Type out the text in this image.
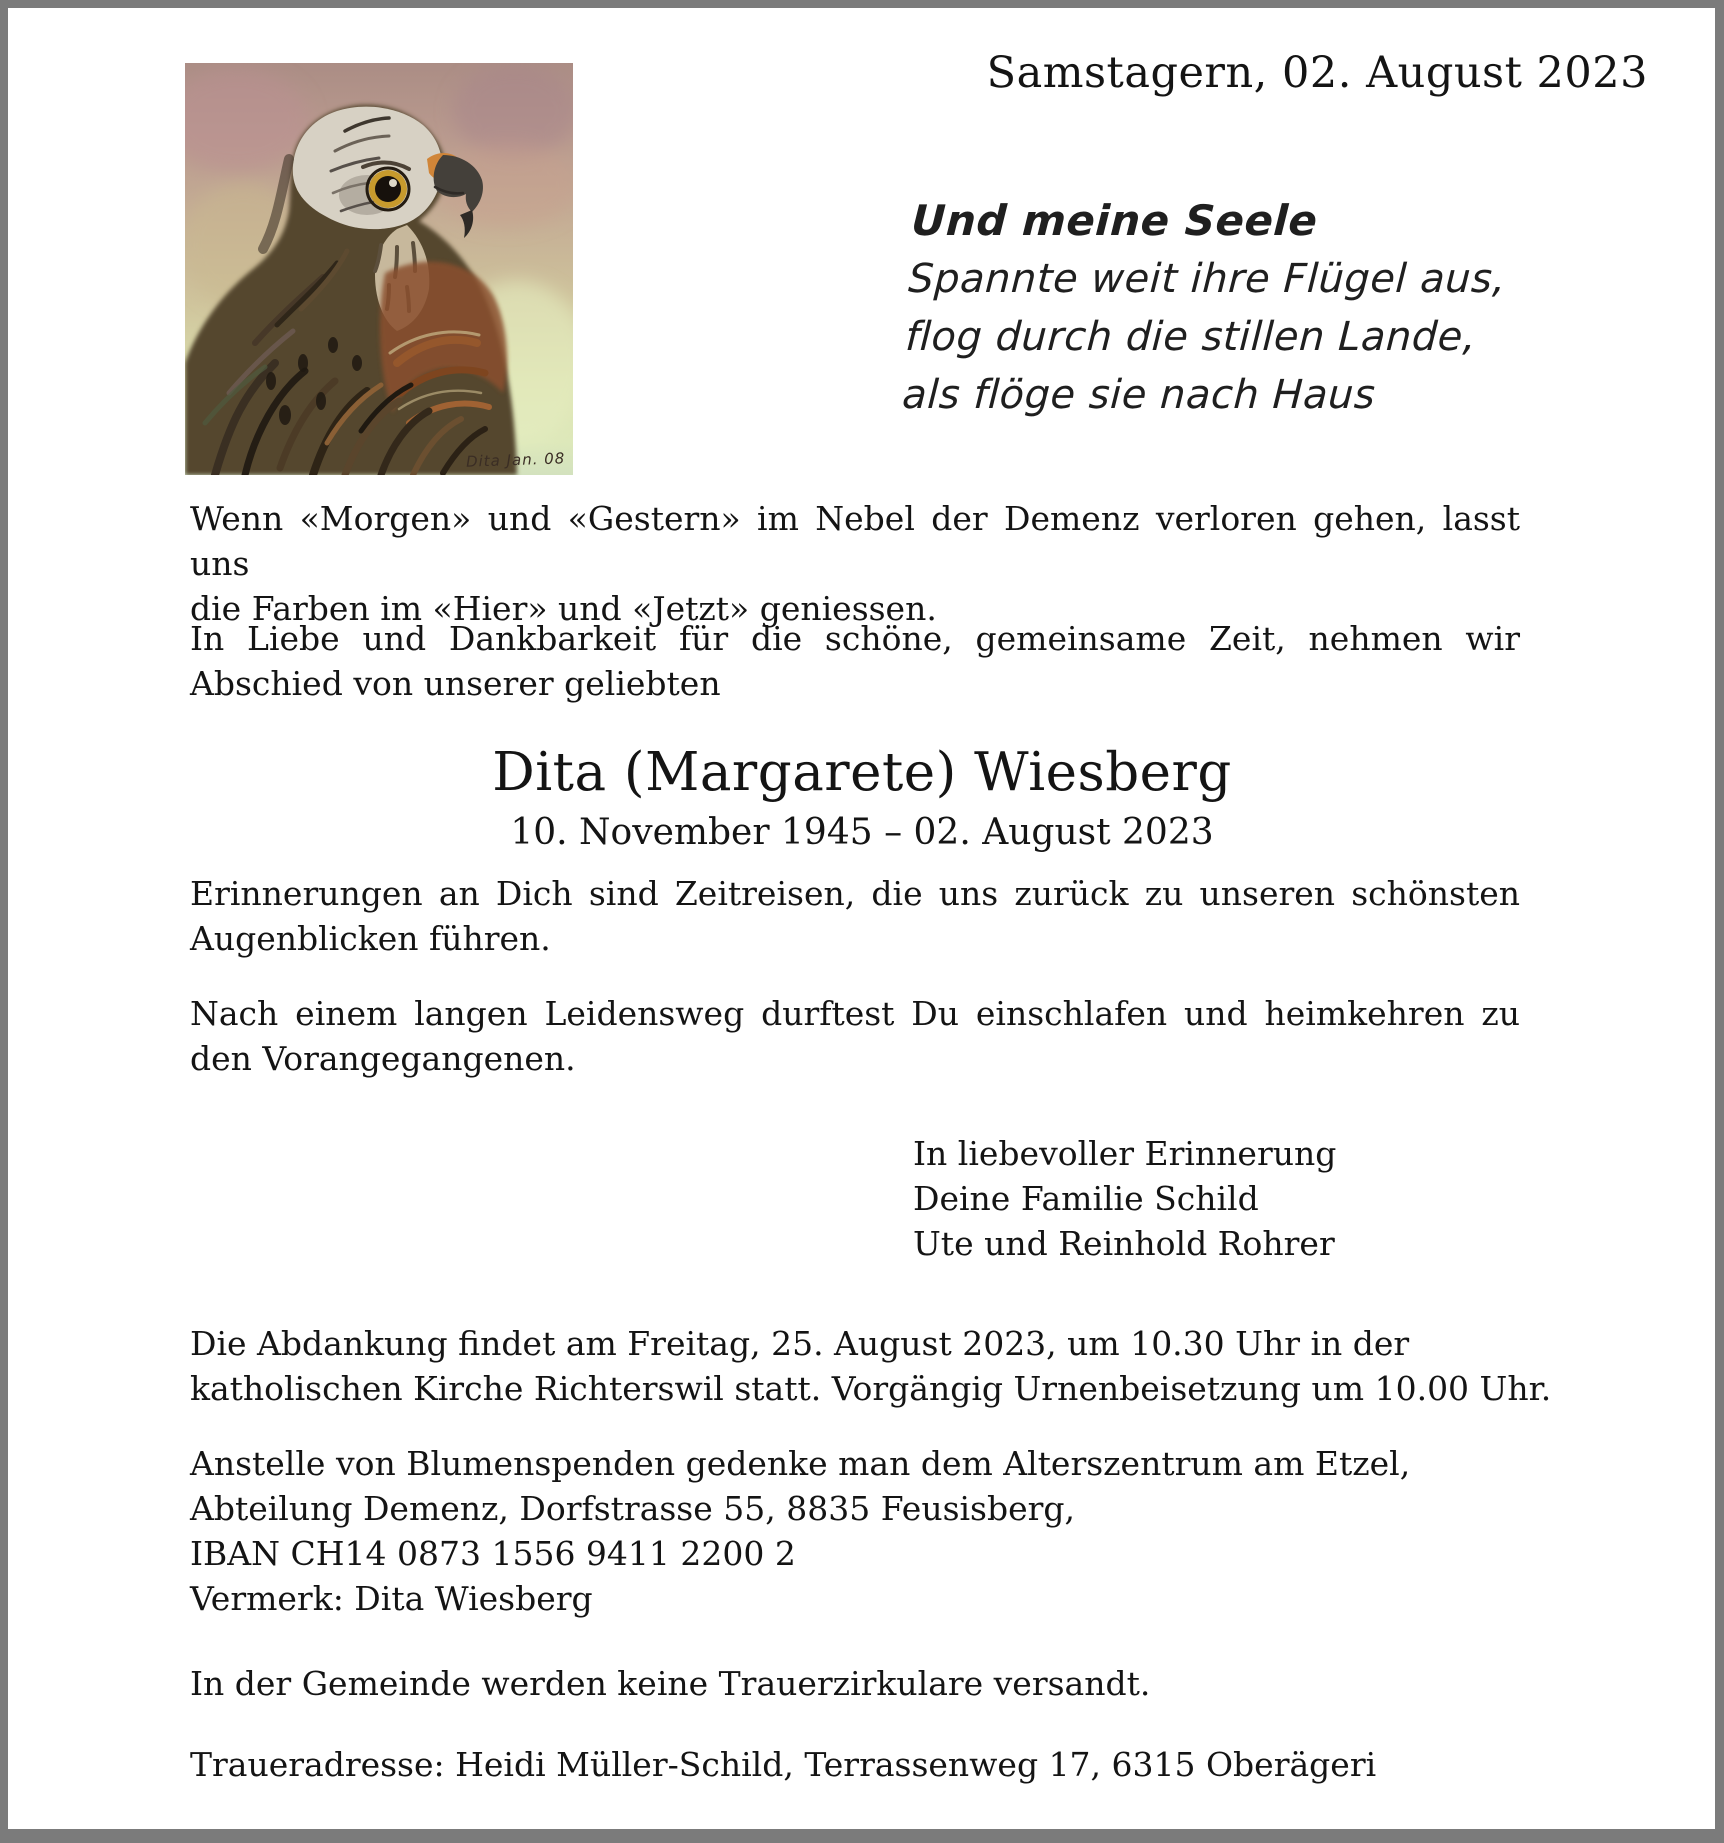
Samstagern, 02. August 2023
Dita Jan. 08
Und meine Seele
Spannte weit ihre Flügel aus,
flog durch die stillen Lande,
als flöge sie nach Haus
Wenn «Morgen» und «Gestern» im Nebel der Demenz verloren gehen, lasst uns
die Farben im «Hier» und «Jetzt» geniessen.
In Liebe und Dankbarkeit für die schöne, gemeinsame Zeit, nehmen wir
Abschied von unserer geliebten
Dita (Margarete) Wiesberg
10. November 1945 – 02. August 2023
Erinnerungen an Dich sind Zeitreisen, die uns zurück zu unseren schönsten
Augenblicken führen.
Nach einem langen Leidensweg durftest Du einschlafen und heimkehren zu
den Vorangegangenen.
In liebevoller Erinnerung
Deine Familie Schild
Ute und Reinhold Rohrer
Die Abdankung findet am Freitag, 25. August 2023, um 10.30 Uhr in der
katholischen Kirche Richterswil statt. Vorgängig Urnenbeisetzung um 10.00 Uhr.
Anstelle von Blumenspenden gedenke man dem Alterszentrum am Etzel,
Abteilung Demenz, Dorfstrasse 55, 8835 Feusisberg,
IBAN CH14 0873 1556 9411 2200 2
Vermerk: Dita Wiesberg
In der Gemeinde werden keine Trauerzirkulare versandt.
Traueradresse: Heidi Müller-Schild, Terrassenweg 17, 6315 Oberägeri
